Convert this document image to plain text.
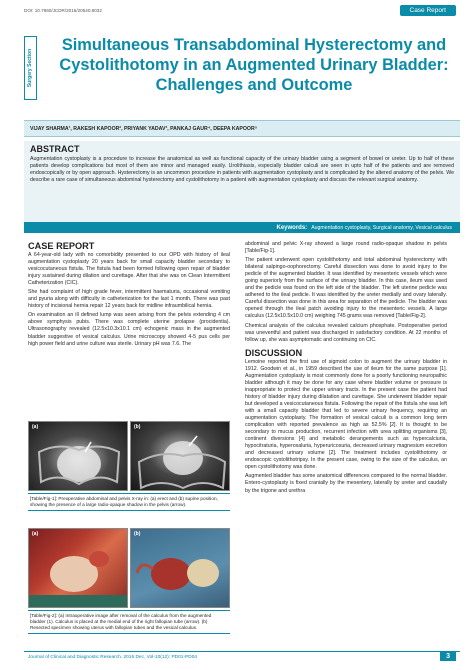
DOI: 10.7860/JCDR/2016/20540.8032	Case Report
Surgery Section
Simultaneous Transabdominal Hysterectomy and Cystolithotomy in an Augmented Urinary Bladder: Challenges and Outcome
VIJAY SHARMA¹, RAKESH KAPOOR², PRIYANK YADAV³, PANKAJ GAUR⁴, DEEPA KAPOOR⁵
ABSTRACT

Augmentation cystoplasty is a procedure to increase the anatomical as well as functional capacity of the urinary bladder using a segment of bowel or ureter. Up to half of these patients develop complications but most of them are minor and managed easily. Urolithiasis, especially bladder calculi are seen in upto half of the patients and are removed endoscopically or by open approach. Hysterectomy is an uncommon procedure in patients with augmentation cystoplasty and is complicated by the altered anatomy of the pelvis. We describe a rare case of simultaneous abdominal hysterectomy and cystolithotomy in a patient with augmentation cystoplasty and discuss the relevant surgical anatomy.

Keywords: Augmentation cystoplasty, Surgical anatomy, Vesical calculus
CASE REPORT

A 64-year-old lady with no comorbidity presented to our OPD with history of ileal augmentation cystoplasty 20 years back for small capacity bladder secondary to vesicocutaneous fistula. The fistula had been formed following open repair of bladder injury sustained during dilation and curettage. After that she was on Clean Intermittent Catheterization (CIC).

She had complaint of high grade fever, intermittent haematuria, occasional vomiting and pyuria along with difficulty in catheterization for the last 1 month. There was past history of incisional hernia repair 12 years back for midline infraumbilical hernia.

On examination an ill defined lump was seen arising from the pelvis extending 4 cm above symphysis pubis. There was complete uterine prolapse (procidentia). Ultrasonography revealed (12.5x10.3x10.1 cm) echogenic mass in the augmented bladder suggestive of vesical calculus. Urine microscopy showed 4-5 pus cells per high power field and urine culture was sterile. Urinary pH was 7.6. The

(a)	(b)
[Table/Fig-1]: Preoperative abdominal and pelvis X-ray in: (a) erect and (b) supine position, showing the presence of a large radio-opaque shadow in the pelvis (arrow).
(a)	(b)
[Table/Fig-2]: (a) Intraoperative image after removal of the calculus from the augmented bladder (1). Calculus is placed at the medial end of the right fallopian tube (arrow). (b) Resected specimen showing uterus with fallopian tubes and the vesical calculus.

abdominal and pelvic X-ray showed a large round radio-opaque shadow in pelvis [Table/Fig-1].

The patient underwent open cystolithotomy and total abdominal hysterectomy with bilateral salpingo-oophorectomy. Careful dissection was done to avoid injury to the pedicle of the augmented bladder. It was identified by mesenteric vessels which were going superiorly from the surface of the urinary bladder. In this case, ileum was used and the pedicle was found on the left side of the bladder. The left uterine pedicle was adhered to the ileal pedicle. It was identified by the ureter medially and ovary laterally. Careful dissection was done in this area for separation of the pedicle. The bladder was opened through the ileal patch avoiding injury to the mesenteric vessels. A large calculus (12.5x10.5x10.0 cm) weighing 745 grams was removed [Table/Fig-2].

Chemical analysis of the calculus revealed calcium phosphate. Postoperative period was uneventful and patient was discharged in satisfactory condition. At 22 months of follow up, she was asymptomatic and continuing on CIC.

DISCUSSION

Lemoine reported the first use of sigmoid colon to augment the urinary bladder in 1912. Goodwin et al., in 1959 described the use of ileum for the same purpose [1]. Augmentation cystoplasty is most commonly done for a poorly functioning neuropathic bladder although it may be done for any case where bladder volume or pressure is inappropriate to protect the upper urinary tracts. In the present case the patient had history of bladder injury during dilatation and curettage. She underwent bladder repair but developed a vesicocutaneous fistula. Following the repair of the fistula she was left with a small capacity bladder that led to severe urinary frequency, requiring an augmentation cystoplasty. The formation of vesical calculi is a common long term complication with reported prevalence as high as 52.5% [2]. It is thought to be secondary to mucus production, recurrent infection with urea splitting organisms [3], continent diversions [4] and metabolic derangements such as hypercalciuria, hypocitraturia, hyperoxaluria, hyperuricosuria, decreased urinary magnesium excretion and decreased urinary volume [2]. The treatment includes cystolithotomy or endoscopic cystolithotripsy. In the present case, owing to the size of the calculus, an open cystolithotomy was done.

Augmented bladder has some anatomical differences compared to the normal bladder. Entero-cystoplasty is fixed cranially by the mesentery, laterally by ureter and caudally by the trigone and urethra

Journal of Clinical and Diagnostic Research. 2016 Dec, Vol-10(12): PD01-PD04	3
